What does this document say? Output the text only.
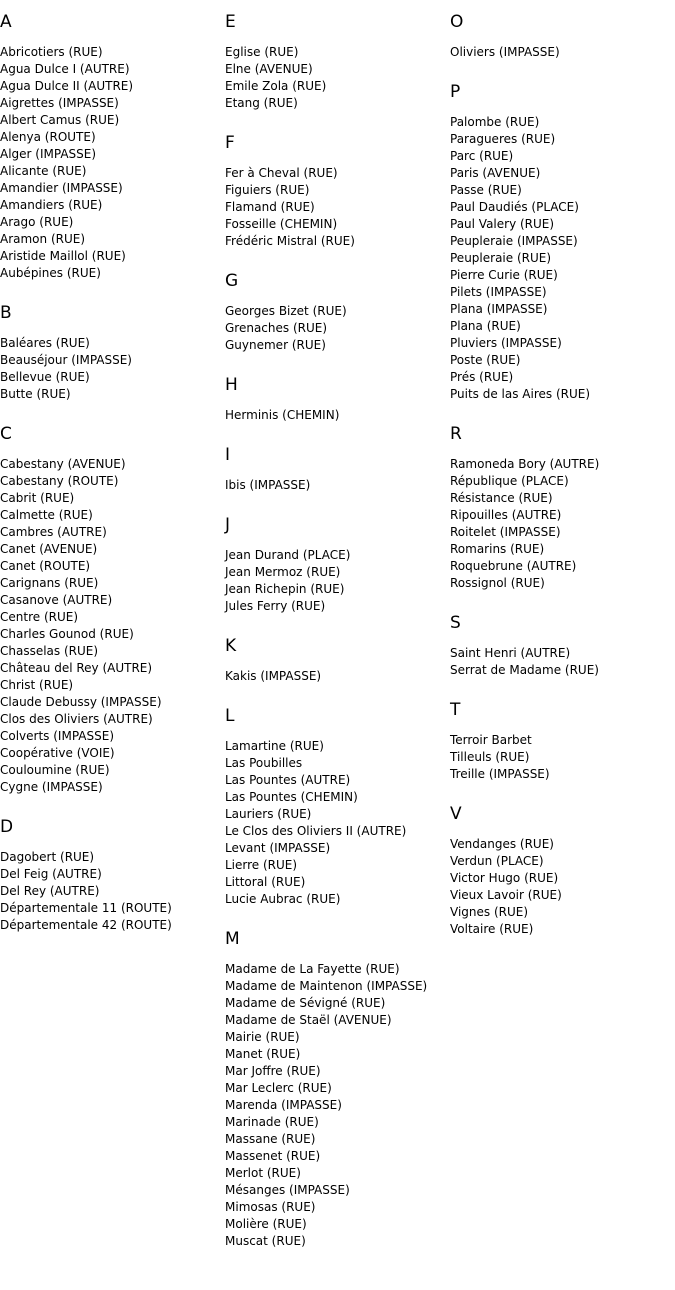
A
Abricotiers (RUE)
Agua Dulce I (AUTRE)
Agua Dulce II (AUTRE)
Aigrettes (IMPASSE)
Albert Camus (RUE)
Alenya (ROUTE)
Alger (IMPASSE)
Alicante (RUE)
Amandier (IMPASSE)
Amandiers (RUE)
Arago (RUE)
Aramon (RUE)
Aristide Maillol (RUE)
Aubépines (RUE)
B
Baléares (RUE)
Beauséjour (IMPASSE)
Bellevue (RUE)
Butte (RUE)
C
Cabestany (AVENUE)
Cabestany (ROUTE)
Cabrit (RUE)
Calmette (RUE)
Cambres (AUTRE)
Canet (AVENUE)
Canet (ROUTE)
Carignans (RUE)
Casanove (AUTRE)
Centre (RUE)
Charles Gounod (RUE)
Chasselas (RUE)
Château del Rey (AUTRE)
Christ (RUE)
Claude Debussy (IMPASSE)
Clos des Oliviers (AUTRE)
Colverts (IMPASSE)
Coopérative (VOIE)
Couloumine (RUE)
Cygne (IMPASSE)
D
Dagobert (RUE)
Del Feig (AUTRE)
Del Rey (AUTRE)
Départementale 11 (ROUTE)
Départementale 42 (ROUTE)
E
Eglise (RUE)
Elne (AVENUE)
Emile Zola (RUE)
Etang (RUE)
F
Fer à Cheval (RUE)
Figuiers (RUE)
Flamand (RUE)
Fosseille (CHEMIN)
Frédéric Mistral (RUE)
G
Georges Bizet (RUE)
Grenaches (RUE)
Guynemer (RUE)
H
Herminis (CHEMIN)
I
Ibis (IMPASSE)
J
Jean Durand (PLACE)
Jean Mermoz (RUE)
Jean Richepin (RUE)
Jules Ferry (RUE)
K
Kakis (IMPASSE)
L
Lamartine (RUE)
Las Poubilles
Las Pountes (AUTRE)
Las Pountes (CHEMIN)
Lauriers (RUE)
Le Clos des Oliviers II (AUTRE)
Levant (IMPASSE)
Lierre (RUE)
Littoral (RUE)
Lucie Aubrac (RUE)
M
Madame de La Fayette (RUE)
Madame de Maintenon (IMPASSE)
Madame de Sévigné (RUE)
Madame de Staël (AVENUE)
Mairie (RUE)
Manet (RUE)
Mar Joffre (RUE)
Mar Leclerc (RUE)
Marenda (IMPASSE)
Marinade (RUE)
Massane (RUE)
Massenet (RUE)
Merlot (RUE)
Mésanges (IMPASSE)
Mimosas (RUE)
Molière (RUE)
Muscat (RUE)
O
Oliviers (IMPASSE)
P
Palombe (RUE)
Paragueres (RUE)
Parc (RUE)
Paris (AVENUE)
Passe (RUE)
Paul Daudiés (PLACE)
Paul Valery (RUE)
Peupleraie (IMPASSE)
Peupleraie (RUE)
Pierre Curie (RUE)
Pilets (IMPASSE)
Plana (IMPASSE)
Plana (RUE)
Pluviers (IMPASSE)
Poste (RUE)
Prés (RUE)
Puits de las Aires (RUE)
R
Ramoneda Bory (AUTRE)
République (PLACE)
Résistance (RUE)
Ripouilles (AUTRE)
Roitelet (IMPASSE)
Romarins (RUE)
Roquebrune (AUTRE)
Rossignol (RUE)
S
Saint Henri (AUTRE)
Serrat de Madame (RUE)
T
Terroir Barbet
Tilleuls (RUE)
Treille (IMPASSE)
V
Vendanges (RUE)
Verdun (PLACE)
Victor Hugo (RUE)
Vieux Lavoir (RUE)
Vignes (RUE)
Voltaire (RUE)
